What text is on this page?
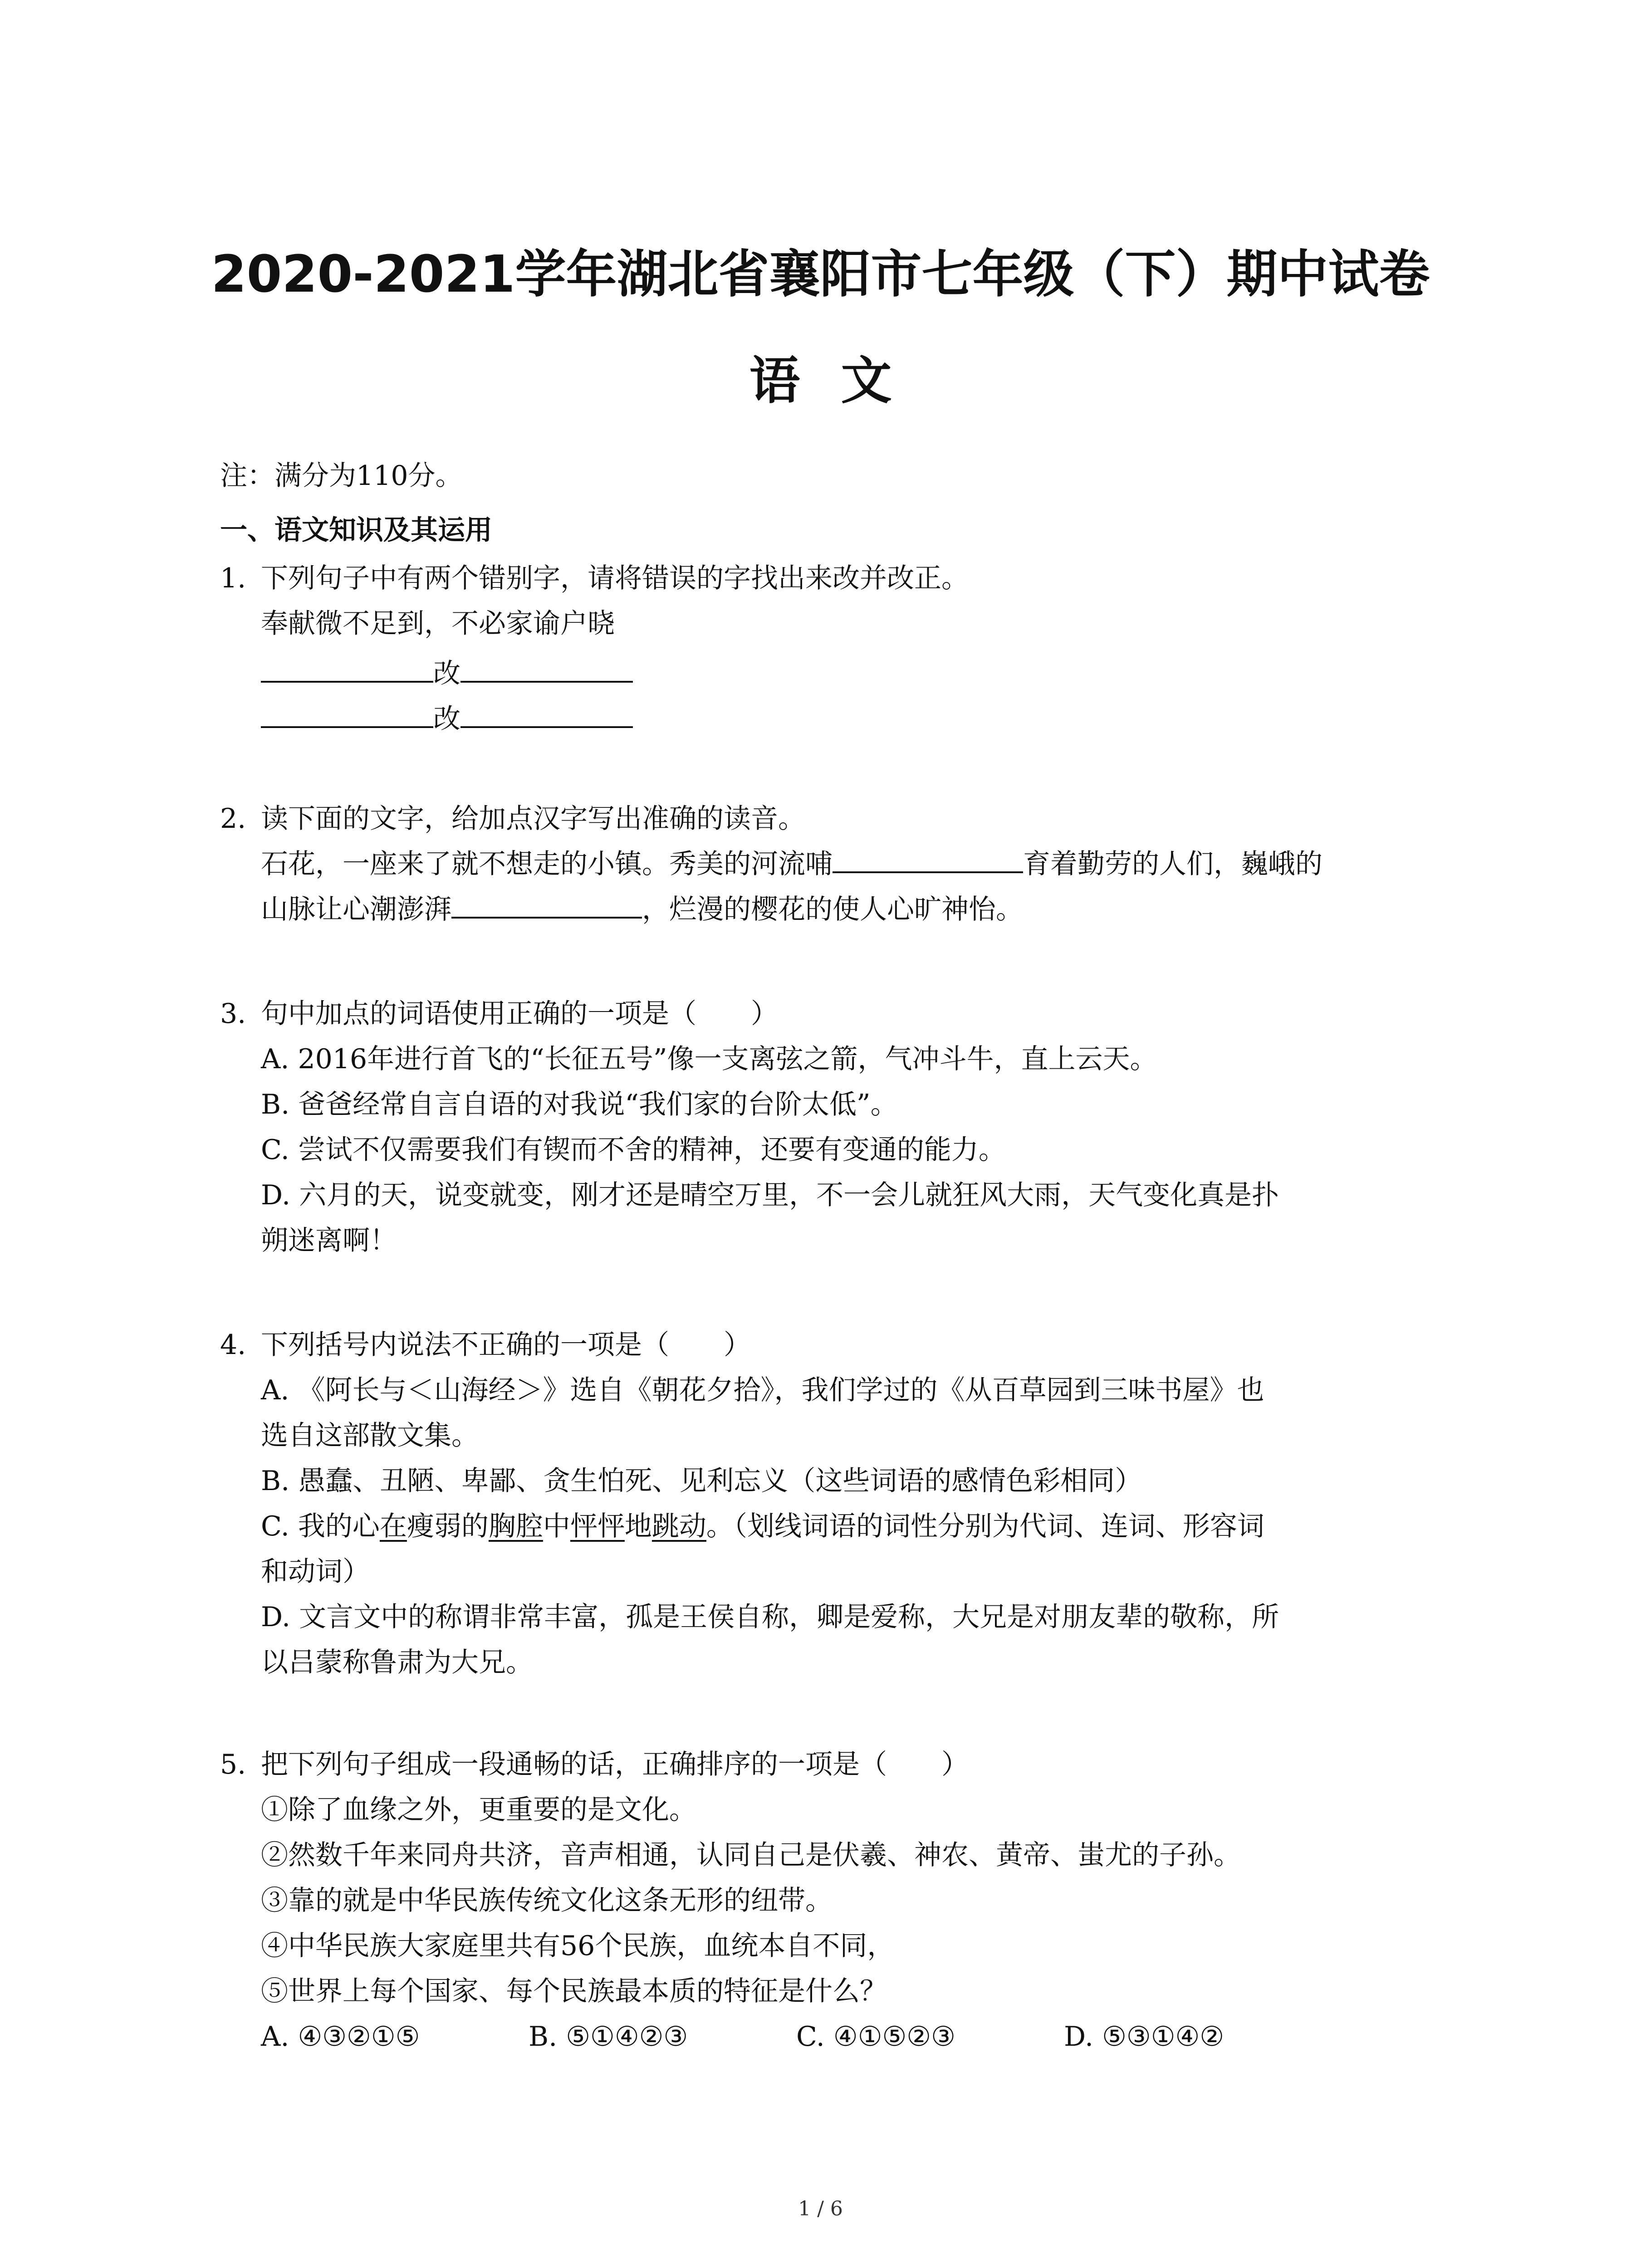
2020-2021学年湖北省襄阳市七年级（下）期中试卷
语文
注：满分为110分。
一、语文知识及其运用
1. 下列句子中有两个错别字，请将错误的字找出来改并改正。
奉献微不足到，不必家谕户晓
改
改
2. 读下面的文字，给加点汉字写出准确的读音。
石花，一座来了就不想走的小镇。秀美的河流哺	育着勤劳的人们，巍峨的
山脉让心潮澎湃	，烂漫的樱花的使人心旷神怡。
3. 句中加点的词语使用正确的一项是（　　）
A. 2016年进行首飞的“长征五号”像一支离弦之箭，气冲斗牛，直上云天。
B. 爸爸经常自言自语的对我说“我们家的台阶太低”。
C. 尝试不仅需要我们有锲而不舍的精神，还要有变通的能力。
D. 六月的天，说变就变，刚才还是晴空万里，不一会儿就狂风大雨，天气变化真是扑
朔迷离啊！
4. 下列括号内说法不正确的一项是（　　）
A. 《阿长与＜山海经＞》选自《朝花夕拾》，我们学过的《从百草园到三味书屋》也
选自这部散文集。
B. 愚蠢、丑陋、卑鄙、贪生怕死、见利忘义（这些词语的感情色彩相同）
C. 我的心在瘦弱的胸腔中怦怦地跳动。（划线词语的词性分别为代词、连词、形容词
和动词）
D. 文言文中的称谓非常丰富，孤是王侯自称，卿是爱称，大兄是对朋友辈的敬称，所
以吕蒙称鲁肃为大兄。
5. 把下列句子组成一段通畅的话，正确排序的一项是（　　）
①除了血缘之外，更重要的是文化。
②然数千年来同舟共济，音声相通，认同自己是伏羲、神农、黄帝、蚩尤的子孙。
③靠的就是中华民族传统文化这条无形的纽带。
④中华民族大家庭里共有56个民族，血统本自不同，
⑤世界上每个国家、每个民族最本质的特征是什么？
A. ④③②①⑤	B. ⑤①④②③	C. ④①⑤②③	D. ⑤③①④②
1 / 6
